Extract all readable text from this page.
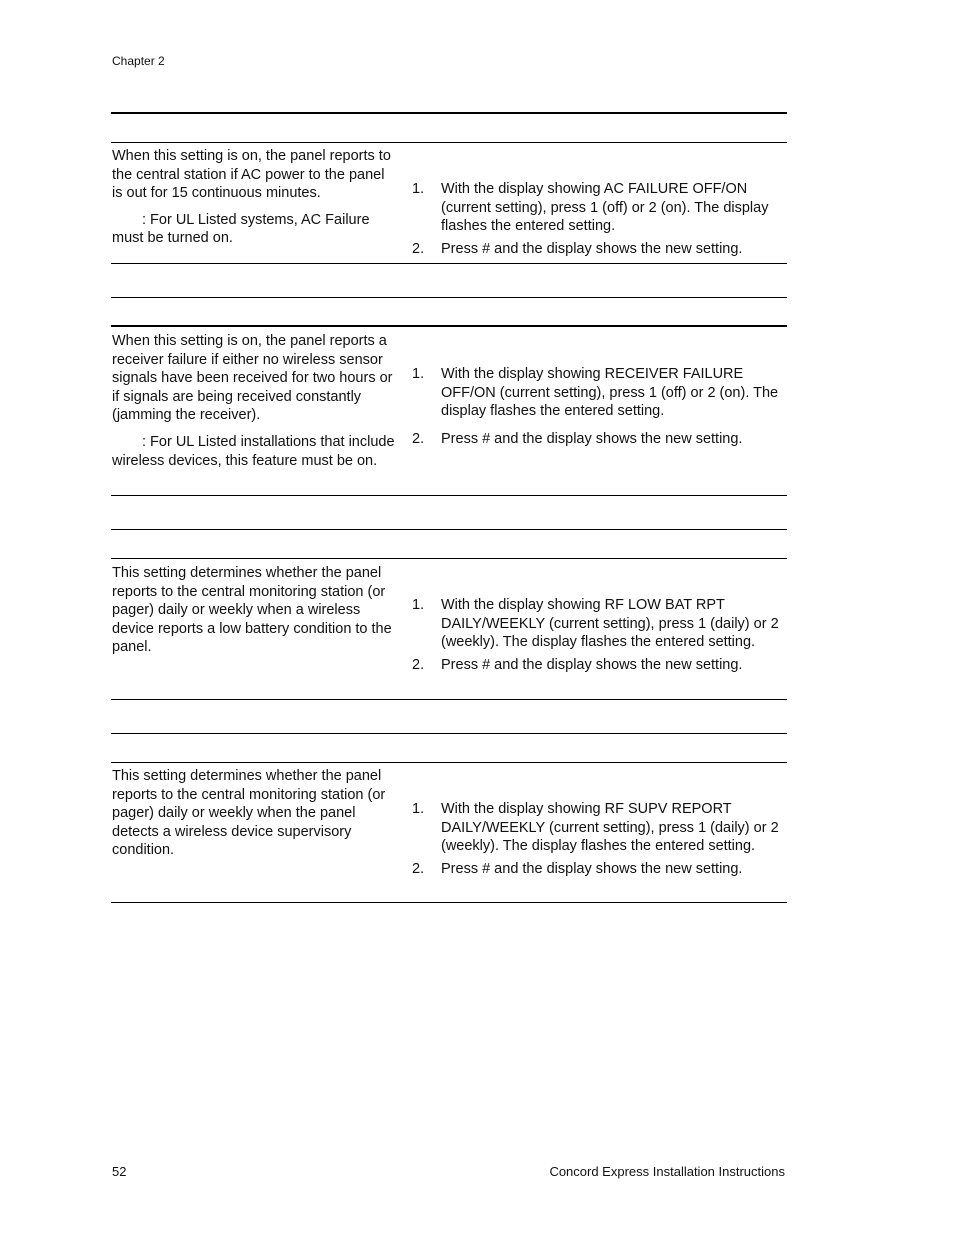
Chapter 2

When this setting is on, the panel reports to the central station if AC power to the panel is out for 15 continuous minutes.

: For UL Listed systems, AC Failure must be turned on.

1.	With the display showing AC FAILURE OFF/ON (current setting), press 1 (off) or 2 (on). The display flashes the entered setting.
2.	Press # and the display shows the new setting.

When this setting is on, the panel reports a receiver failure if either no wireless sensor signals have been received for two hours or if signals are being received constantly (jamming the receiver).

: For UL Listed installations that include wireless devices, this feature must be on.

1.	With the display showing RECEIVER FAILURE OFF/ON (current setting), press 1 (off) or 2 (on). The display flashes the entered setting.
2.	Press # and the display shows the new setting.

This setting determines whether the panel reports to the central monitoring station (or pager) daily or weekly when a wireless device reports a low battery condition to the panel.

1.	With the display showing RF LOW BAT RPT DAILY/WEEKLY (current setting), press 1 (daily) or 2 (weekly). The display flashes the entered setting.
2.	Press # and the display shows the new setting.

This setting determines whether the panel reports to the central monitoring station (or pager) daily or weekly when the panel detects a wireless device supervisory condition.

1.	With the display showing RF SUPV REPORT DAILY/WEEKLY (current setting), press 1 (daily) or 2 (weekly). The display flashes the entered setting.
2.	Press # and the display shows the new setting.
52	Concord Express Installation Instructions
